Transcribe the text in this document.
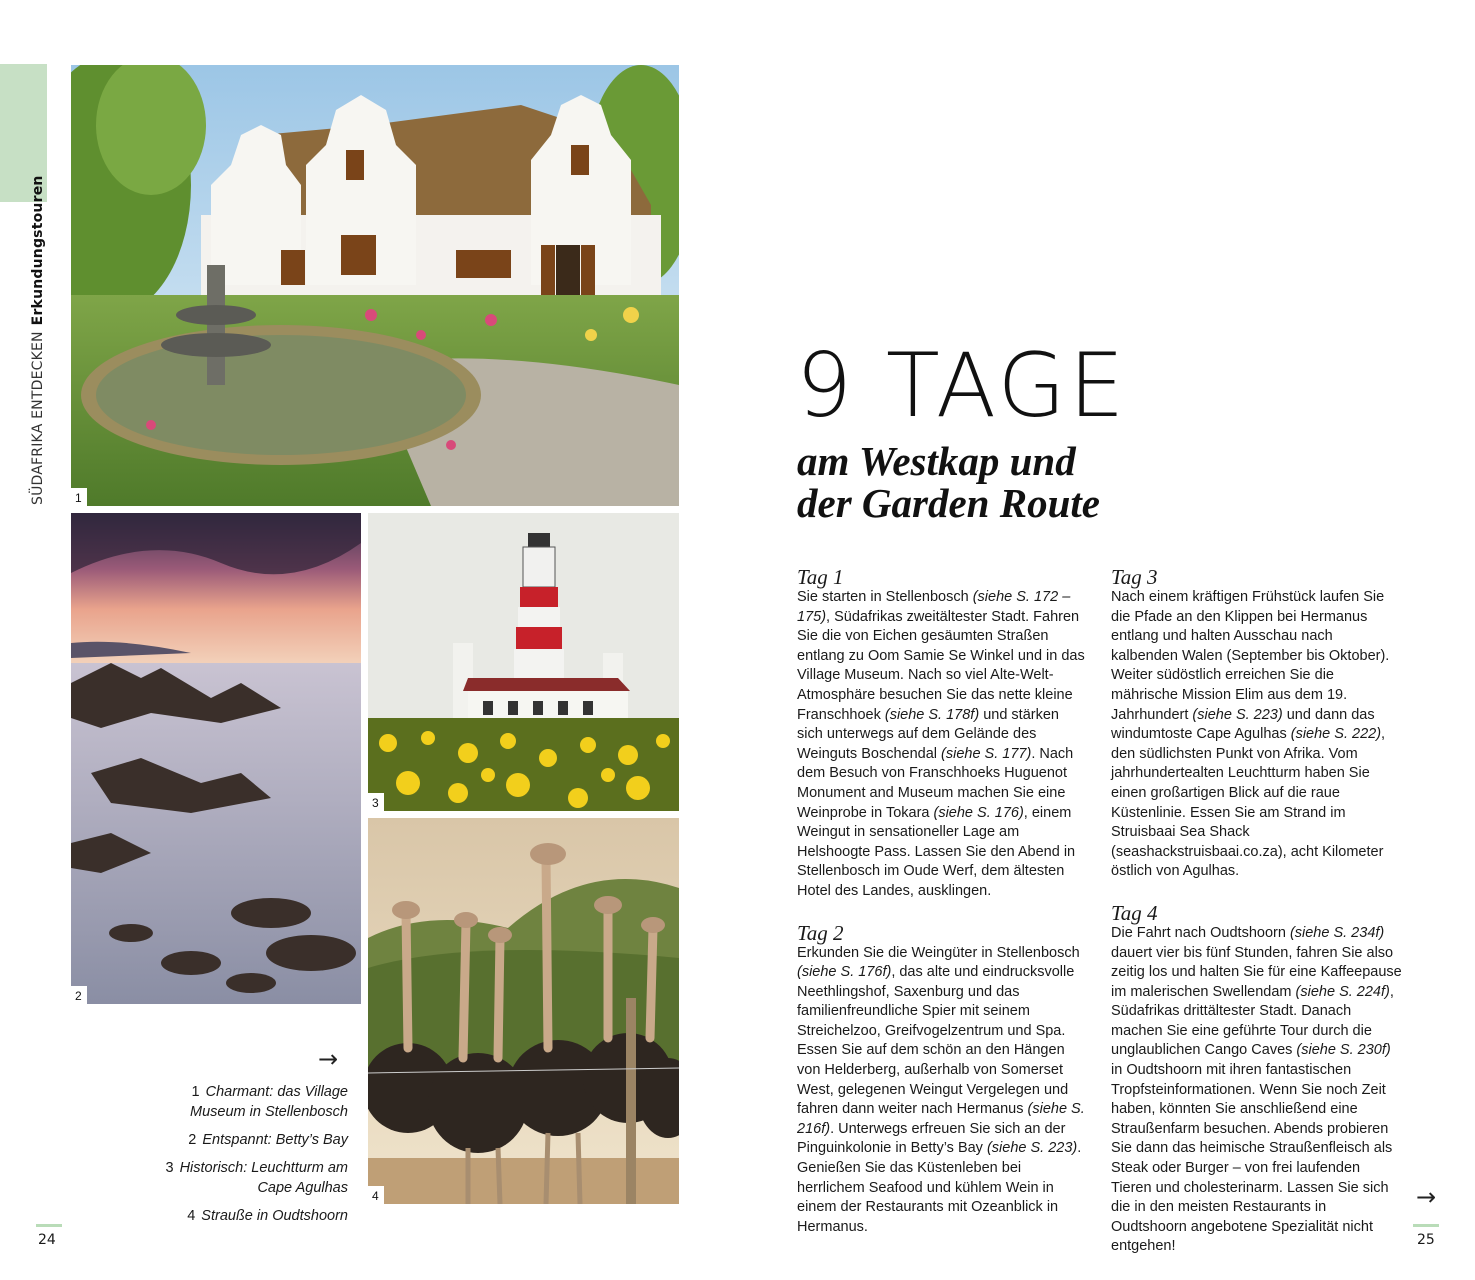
SÜDAFRIKA ENTDECKENErkundungstouren
1
2
3
4
→
1 Charmant: das Village Museum in Stellenbosch
2 Entspannt: Betty’s Bay
3 Historisch: Leuchtturm am Cape Agulhas
4 Strauße in Oudtshoorn
24	25
9 TAGE
am Westkap und
der Garden Route
Tag 1

Sie starten in Stellenbosch (siehe S. 172 – 175), Südafrikas zweitältester Stadt. Fahren Sie die von Eichen gesäumten Straßen entlang zu Oom Samie Se Winkel und in das Village Museum. Nach so viel Alte-Welt-Atmosphäre besuchen Sie das nette kleine Franschhoek (siehe S. 178f) und stärken sich unterwegs auf dem Gelände des Weinguts Boschendal (siehe S. 177). Nach dem Besuch von Franschhoeks Huguenot Monument and Museum machen Sie eine Weinprobe in Tokara (siehe S. 176), einem Weingut in sensationeller Lage am Helshoogte Pass. Lassen Sie den Abend in Stellenbosch im Oude Werf, dem ältesten Hotel des Landes, ausklingen.

Tag 2

Erkunden Sie die Weingüter in Stellenbosch (siehe S. 176f), das alte und eindrucksvolle Neethlingshof, Saxenburg und das familienfreundliche Spier mit seinem Streichelzoo, Greifvogelzentrum und Spa. Essen Sie auf dem schön an den Hängen von Helderberg, außerhalb von Somerset West, gelegenen Weingut Vergelegen und fahren dann weiter nach Hermanus (siehe S. 216f). Unterwegs erfreuen Sie sich an der Pinguinkolonie in Betty’s Bay (siehe S. 223). Genießen Sie das Küstenleben bei herrlichem Seafood und kühlem Wein in einem der Restaurants mit Ozeanblick in Hermanus.

Tag 3

Nach einem kräftigen Frühstück laufen Sie die Pfade an den Klippen bei Hermanus entlang und halten Ausschau nach kalbenden Walen (September bis Oktober). Weiter südöstlich erreichen Sie die mährische Mission Elim aus dem 19. Jahrhundert (siehe S. 223) und dann das windumtoste Cape Agulhas (siehe S. 222), den südlichsten Punkt von Afrika. Vom jahrhundertealten Leuchtturm haben Sie einen großartigen Blick auf die raue Küstenlinie. Essen Sie am Strand im Struisbaai Sea Shack (seashackstruisbaai.co.za), acht Kilometer östlich von Agulhas.

Tag 4

Die Fahrt nach Oudtshoorn (siehe S. 234f) dauert vier bis fünf Stunden, fahren Sie also zeitig los und halten Sie für eine Kaffeepause im malerischen Swellendam (siehe S. 224f), Südafrikas drittältester Stadt. Danach machen Sie eine geführte Tour durch die unglaublichen Cango Caves (siehe S. 230f) in Oudtshoorn mit ihren fantastischen Tropfsteinformationen. Wenn Sie noch Zeit haben, könnten Sie anschließend eine Straußenfarm besuchen. Abends probieren Sie dann das heimische Straußenfleisch als Steak oder Burger – von frei laufenden Tieren und cholesterinarm. Lassen Sie sich die in den meisten Restaurants in Oudtshoorn angebotene Spezialität nicht entgehen!

→
